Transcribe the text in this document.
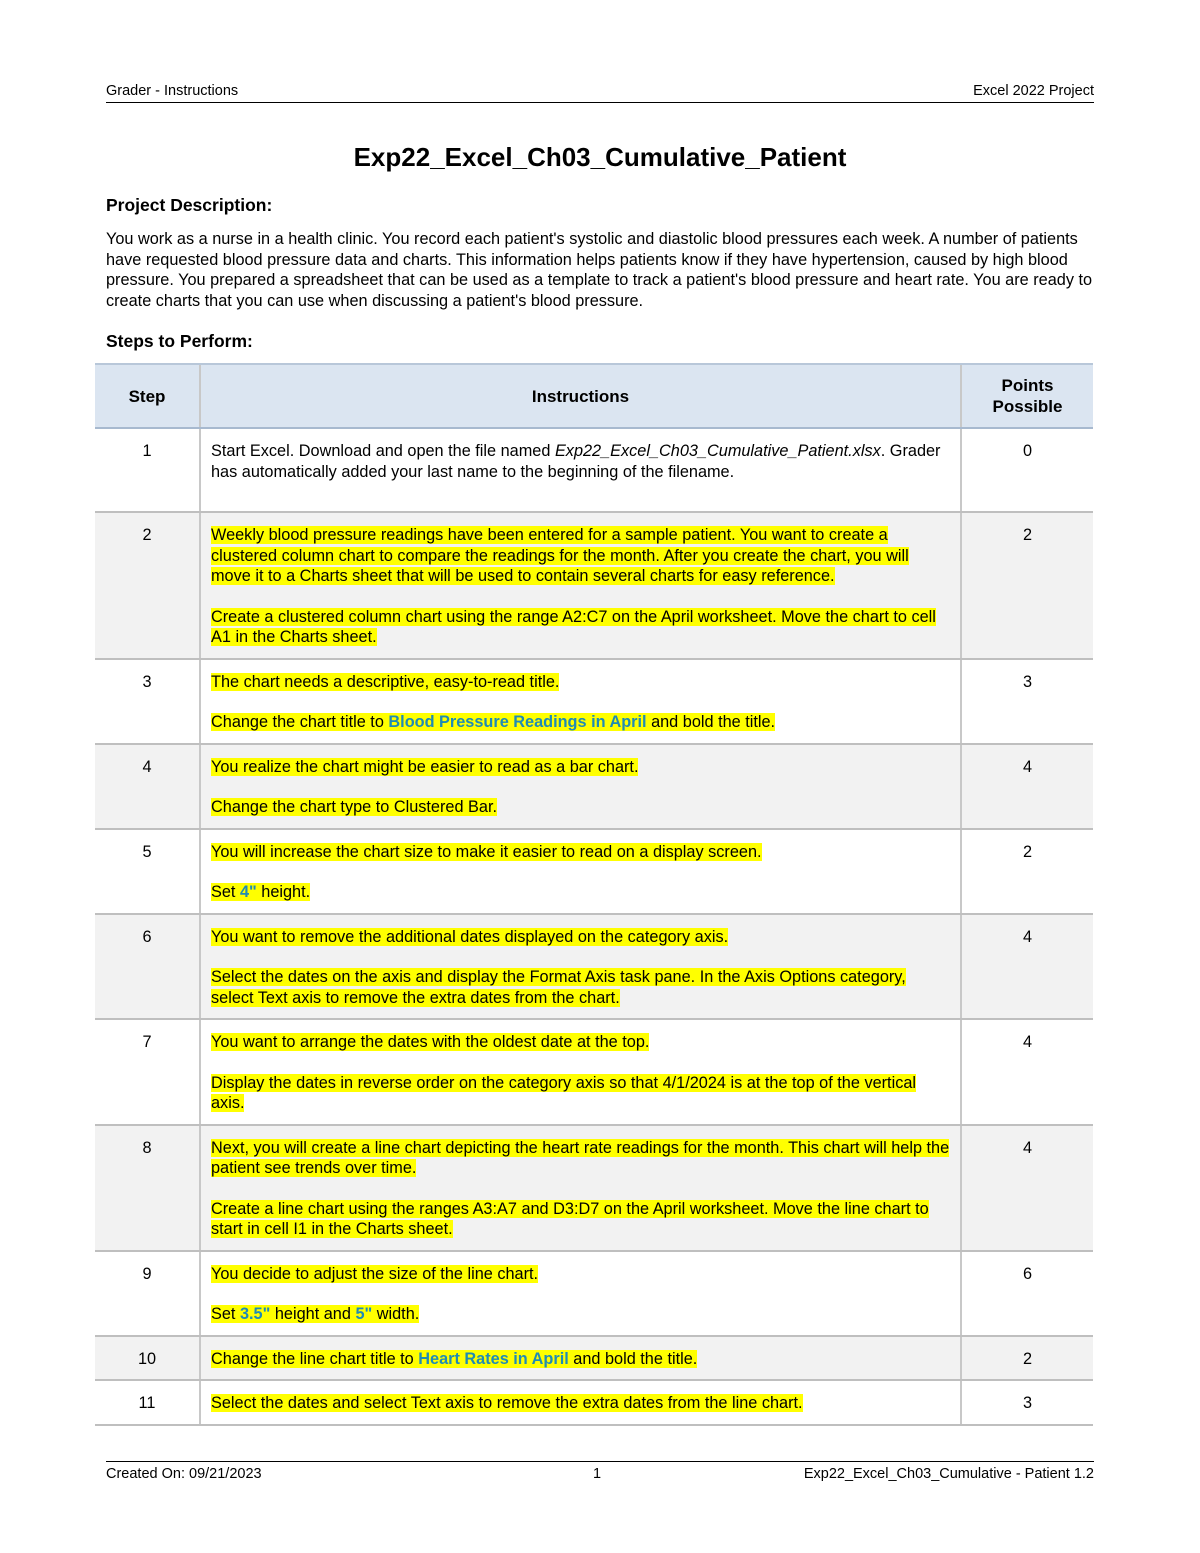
Grader - Instructions	Excel 2022 Project
Exp22_Excel_Ch03_Cumulative_Patient
Project Description:
You work as a nurse in a health clinic. You record each patient's systolic and diastolic blood pressures each week. A number of patients have requested blood pressure data and charts. This information helps patients know if they have hypertension, caused by high blood pressure. You prepared a spreadsheet that can be used as a template to track a patient's blood pressure and heart rate. You are ready to create charts that you can use when discussing a patient's blood pressure.
Steps to Perform:
Step	Instructions	Points
Possible
1	Start Excel. Download and open the file named Exp22_Excel_Ch03_Cumulative_Patient.xlsx. Grader has automatically added your last name to the beginning of the filename.	0
2	Weekly blood pressure readings have been entered for a sample patient. You want to create a clustered column chart to compare the readings for the month. After you create the chart, you will move it to a Charts sheet that will be used to contain several charts for easy reference.

Create a clustered column chart using the range A2:C7 on the April worksheet. Move the chart to cell A1 in the Charts sheet.	2
3	The chart needs a descriptive, easy-to-read title.

Change the chart title to Blood Pressure Readings in April and bold the title.	3
4	You realize the chart might be easier to read as a bar chart.

Change the chart type to Clustered Bar.	4
5	You will increase the chart size to make it easier to read on a display screen.

Set 4" height.	2
6	You want to remove the additional dates displayed on the category axis.

Select the dates on the axis and display the Format Axis task pane. In the Axis Options category, select Text axis to remove the extra dates from the chart.	4
7	You want to arrange the dates with the oldest date at the top.

Display the dates in reverse order on the category axis so that 4/1/2024 is at the top of the vertical axis.	4
8	Next, you will create a line chart depicting the heart rate readings for the month. This chart will help the patient see trends over time.

Create a line chart using the ranges A3:A7 and D3:D7 on the April worksheet. Move the line chart to start in cell I1 in the Charts sheet.	4
9	You decide to adjust the size of the line chart.

Set 3.5" height and 5" width.	6
10	Change the line chart title to Heart Rates in April and bold the title.	2
11	Select the dates and select Text axis to remove the extra dates from the line chart.	3
Created On: 09/21/2023	1	Exp22_Excel_Ch03_Cumulative - Patient 1.2
